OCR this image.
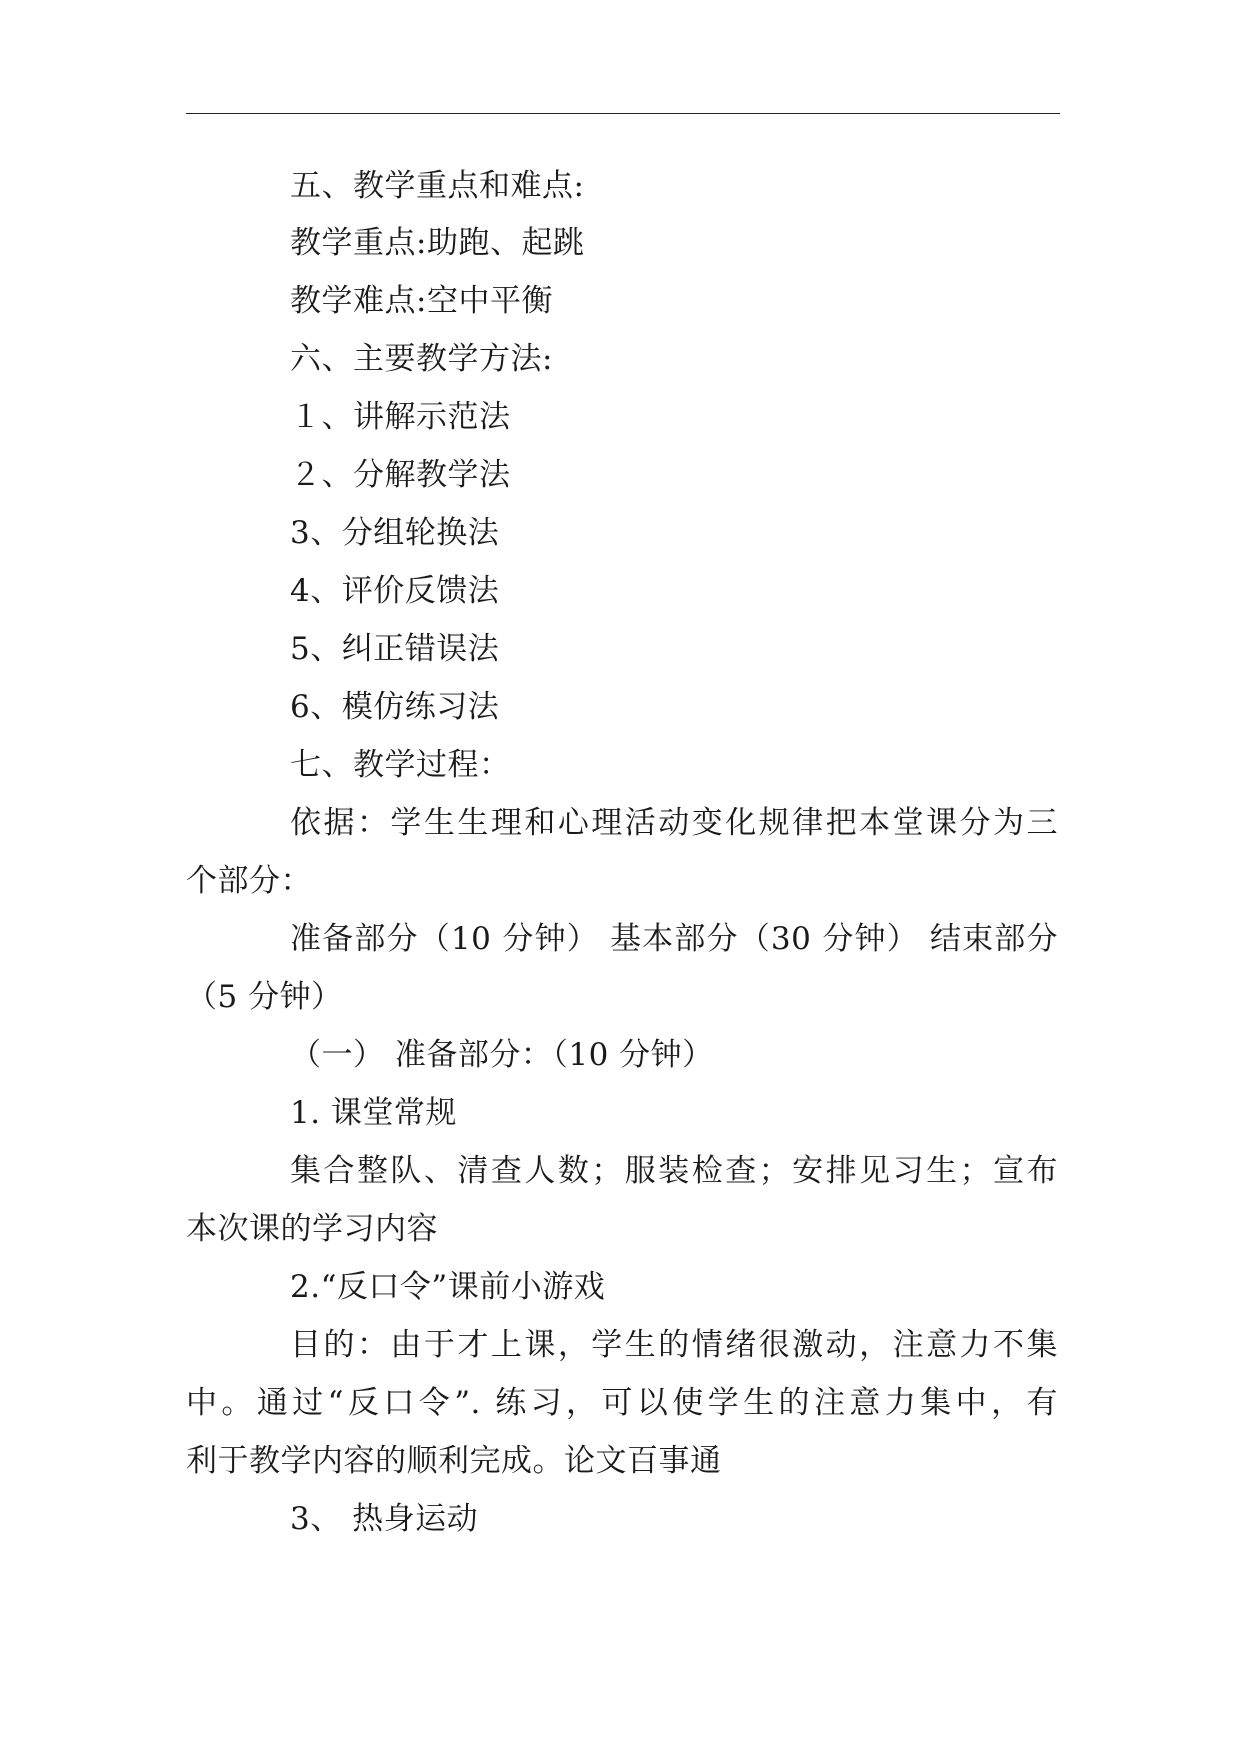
五、教学重点和难点:
教学重点:助跑、起跳
教学难点:空中平衡
六、主要教学方法:
１、讲解示范法
２、分解教学法
3、分组轮换法
4、评价反馈法
5、纠正错误法
6、模仿练习法
七、教学过程：
依据：学生生理和心理活动变化规律把本堂课分为三
个部分：
准备部分（10 分钟） 基本部分（30 分钟） 结束部分
（5 分钟）
（一） 准备部分：（10 分钟）
1. 课堂常规
集合整队、清查人数；服装检查；安排见习生；宣布
本次课的学习内容
2.“反口令”课前小游戏
目的：由于才上课，学生的情绪很激动，注意力不集
中。通过“反口令”. 练习，可以使学生的注意力集中，有
利于教学内容的顺利完成。论文百事通
3、 热身运动
